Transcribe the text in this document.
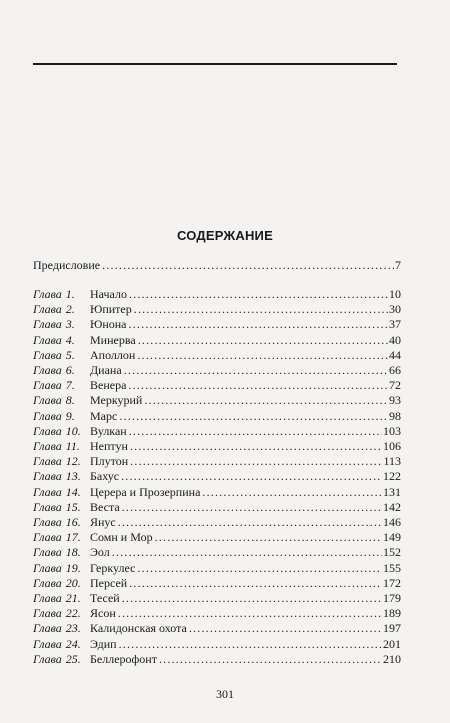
СОДЕРЖАНИЕ
Предисловие .....	7
Глава 1.	Начало .....	10
Глава 2.	Юпитер .....	30
Глава 3.	Юнона .....	37
Глава 4.	Минерва .....	40
Глава 5.	Аполлон .....	44
Глава 6.	Диана .....	66
Глава 7.	Венера .....	72
Глава 8.	Меркурий .....	93
Глава 9.	Марс .....	98
Глава 10. Вулкан .....	103
Глава 11. Нептун .....	106
Глава 12. Плутон .....	113
Глава 13. Бахус .....	122
Глава 14. Церера и Прозерпина .....	131
Глава 15. Веста .....	142
Глава 16. Янус .....	146
Глава 17. Сомн и Мор .....	149
Глава 18. Эол .....	152
Глава 19. Геркулес .....	155
Глава 20. Персей .....	172
Глава 21. Тесей .....	179
Глава 22. Ясон .....	189
Глава 23. Калидонская охота .....	197
Глава 24. Эдип .....	201
Глава 25. Беллерофонт .....	210
301
